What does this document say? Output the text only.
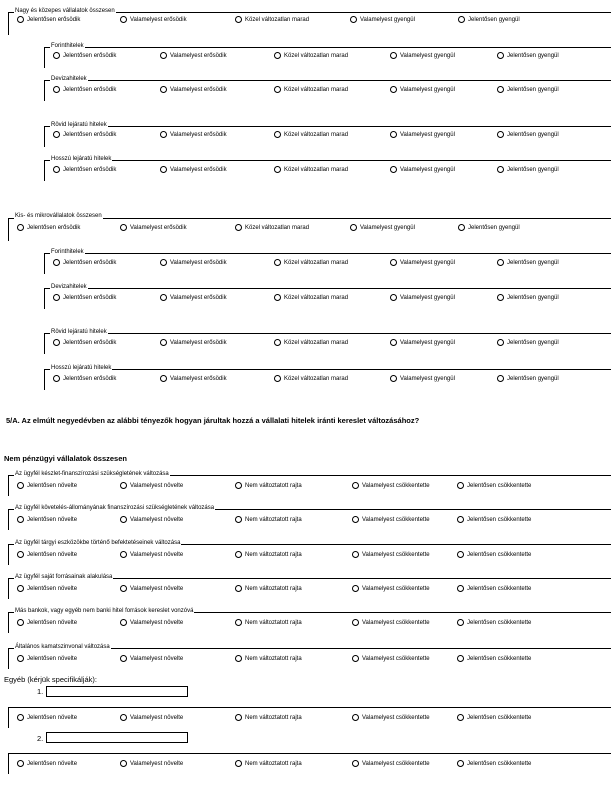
Nagy és közepes vállalatok összesen
Jelentősen erősödik	Valamelyest erősödik	Közel változatlan marad	Valamelyest gyengül	Jelentősen gyengül
Forinthitelek
Jelentősen erősödik	Valamelyest erősödik	Közel változatlan marad	Valamelyest gyengül	Jelentősen gyengül
Devizahitelek
Jelentősen erősödik	Valamelyest erősödik	Közel változatlan marad	Valamelyest gyengül	Jelentősen gyengül
Rövid lejáratú hitelek
Jelentősen erősödik	Valamelyest erősödik	Közel változatlan marad	Valamelyest gyengül	Jelentősen gyengül
Hosszú lejáratú hitelek
Jelentősen erősödik	Valamelyest erősödik	Közel változatlan marad	Valamelyest gyengül	Jelentősen gyengül
Kis- és mikrovállalatok összesen
Jelentősen erősödik	Valamelyest erősödik	Közel változatlan marad	Valamelyest gyengül	Jelentősen gyengül
Forinthitelek
Jelentősen erősödik	Valamelyest erősödik	Közel változatlan marad	Valamelyest gyengül	Jelentősen gyengül
Devizahitelek
Jelentősen erősödik	Valamelyest erősödik	Közel változatlan marad	Valamelyest gyengül	Jelentősen gyengül
Rövid lejáratú hitelek
Jelentősen erősödik	Valamelyest erősödik	Közel változatlan marad	Valamelyest gyengül	Jelentősen gyengül
Hosszú lejáratú hitelek
Jelentősen erősödik	Valamelyest erősödik	Közel változatlan marad	Valamelyest gyengül	Jelentősen gyengül
5/A. Az elmúlt negyedévben az alábbi tényezők hogyan járultak hozzá a vállalati hitelek iránti kereslet változásához?
Nem pénzügyi vállalatok összesen
Az ügyfél készlet-finanszírozási szükségletének változása
Jelentősen növelte	Valamelyest növelte	Nem változtatott rajta	Valamelyest csökkentette	Jelentősen csökkentette
Az ügyfél követelés-állományának finanszírozási szükségletének változása
Jelentősen növelte	Valamelyest növelte	Nem változtatott rajta	Valamelyest csökkentette	Jelentősen csökkentette
Az ügyfél tárgyi eszközökbe történő befektetéseinek változása
Jelentősen növelte	Valamelyest növelte	Nem változtatott rajta	Valamelyest csökkentette	Jelentősen csökkentette
Az ügyfél saját forrásainak alakulása
Jelentősen növelte	Valamelyest növelte	Nem változtatott rajta	Valamelyest csökkentette	Jelentősen csökkentette
Más bankok, vagy egyéb nem banki hitel források kereslet vonzóvá
Jelentősen növelte	Valamelyest növelte	Nem változtatott rajta	Valamelyest csökkentette	Jelentősen csökkentette
Általános kamatszinvonal változása
Jelentősen növelte	Valamelyest növelte	Nem változtatott rajta	Valamelyest csökkentette	Jelentősen csökkentette
Egyéb (kérjük specifikálják):
1.
Jelentősen növelte	Valamelyest növelte	Nem változtatott rajta	Valamelyest csökkentette	Jelentősen csökkentette
2.
Jelentősen növelte	Valamelyest növelte	Nem változtatott rajta	Valamelyest csökkentette	Jelentősen csökkentette
